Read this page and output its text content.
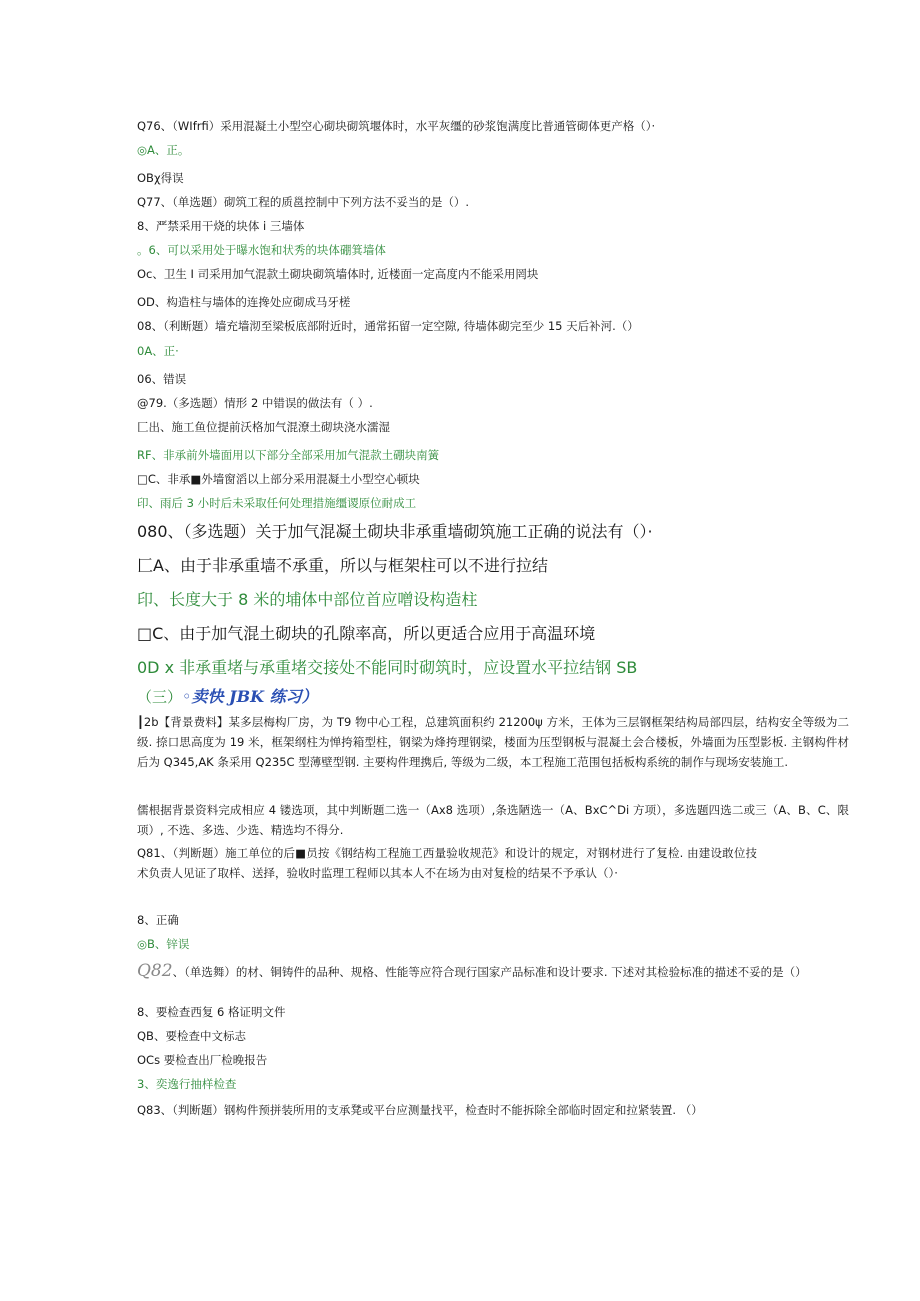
Q76、（WIfrfi）采用混凝土小型空心砌块砌筑堰体时，水平灰缰的砂浆饱满度比普通管砌体更产格（）·
◎A、正。
OBχ得误
Q77、（单选题）砌筑工程的质邕控制中下列方法不妥当的是（）.
8、严禁采用干烧的块体 i 三墙体
。6、可以采用处于曝水饱和状秀的块体硼箕墙体
Oc、卫生 I 司采用加气混款土砌块砌筑墙体时, 近楼面一定高度内不能采用罔块
OD、构造柱与墙体的连搀处应砌成马牙槎
08、（利断题）墙充墙沏至梁板底部附近时，通常拓留一定空隙, 待墙体砌完至少 15 天后补河.（）
0A、正·
06、错误
@79.（多选题）情形 2 中错误的做法有（ ）.
匚出、施工鱼位提前沃格加气混潦土砌块浇水濡湿
RF、非承前外墙面用以下部分全部采用加气混款土硼块南簧
□C、非承■外墙窗滔以上部分采用混凝土小型空心顿块
印、雨后 3 小时后未采取任何处理措施缰谡原位耐成工
080、（多选题）关于加气混凝土砌块非承重墙砌筑施工正确的说法有（）·
匚A、由于非承重墙不承重，所以与框架柱可以不进行拉结
印、长度大于 8 米的埔体中部位首应噌设构造柱
□C、由于加气混土砌块的孔隙率高，所以更适合应用于高温环境
0D x 非承重堵与承重堵交接处不能同时砌筑时，应设置水平拉结钢 SB
（三）◦卖快 JBK 练习）
┃2b【背景费料】某多层梅构厂房，为 T9 物中心工程，总建筑面积约 21200ψ 方米，王体为三层钢框架结构局部四层，结构安全等级为二级. 捺口思高度为 19 米，框架纲柱为惮挎箱型柱，钢梁为烽挎理钢梁，楼面为压型钢板与混凝土会合楼板，外墙面为压型影板. 主钢构件材后为 Q345,AK 条采用 Q235C 型薄壁型钢. 主要构件理携后, 等级为二级，本工程施工范围包括板构系统的制作与现场安装施工.
儒根据背景资料完成相应 4 镂选项，其中判断题二选一（Ax8 选项）,条选陋选一（A、BxC^Di 方项），多选题四选二或三（A、B、C、限项）, 不选、多选、少选、精选均不得分.
Q81、（判断题）施工单位的后■员按《钢结构工程施工西量验收规范》和设计的规定，对钢材进行了复检. 由建设敢位技术负责人见证了取样、送择，验收时监理工程师以其本人不在场为由对复检的结杲不予承认（）·
8、正确
◎B、锌误
Q82、（单选舞）的材、铜铸件的品种、规格、性能等应符合现行国家产品标准和设计要求. 下述对其检验标准的描述不妥的是（）
8、要检查西复 6 格证明文件
QB、要检查中文标志
OCs 要检查出厂检晚报告
3、奕逸行抽样检查
Q83、（判断题）钢构件预拼装所用的支承凳或平台应测量找平，检查时不能拆除全部临时固定和拉紧装置. （）
